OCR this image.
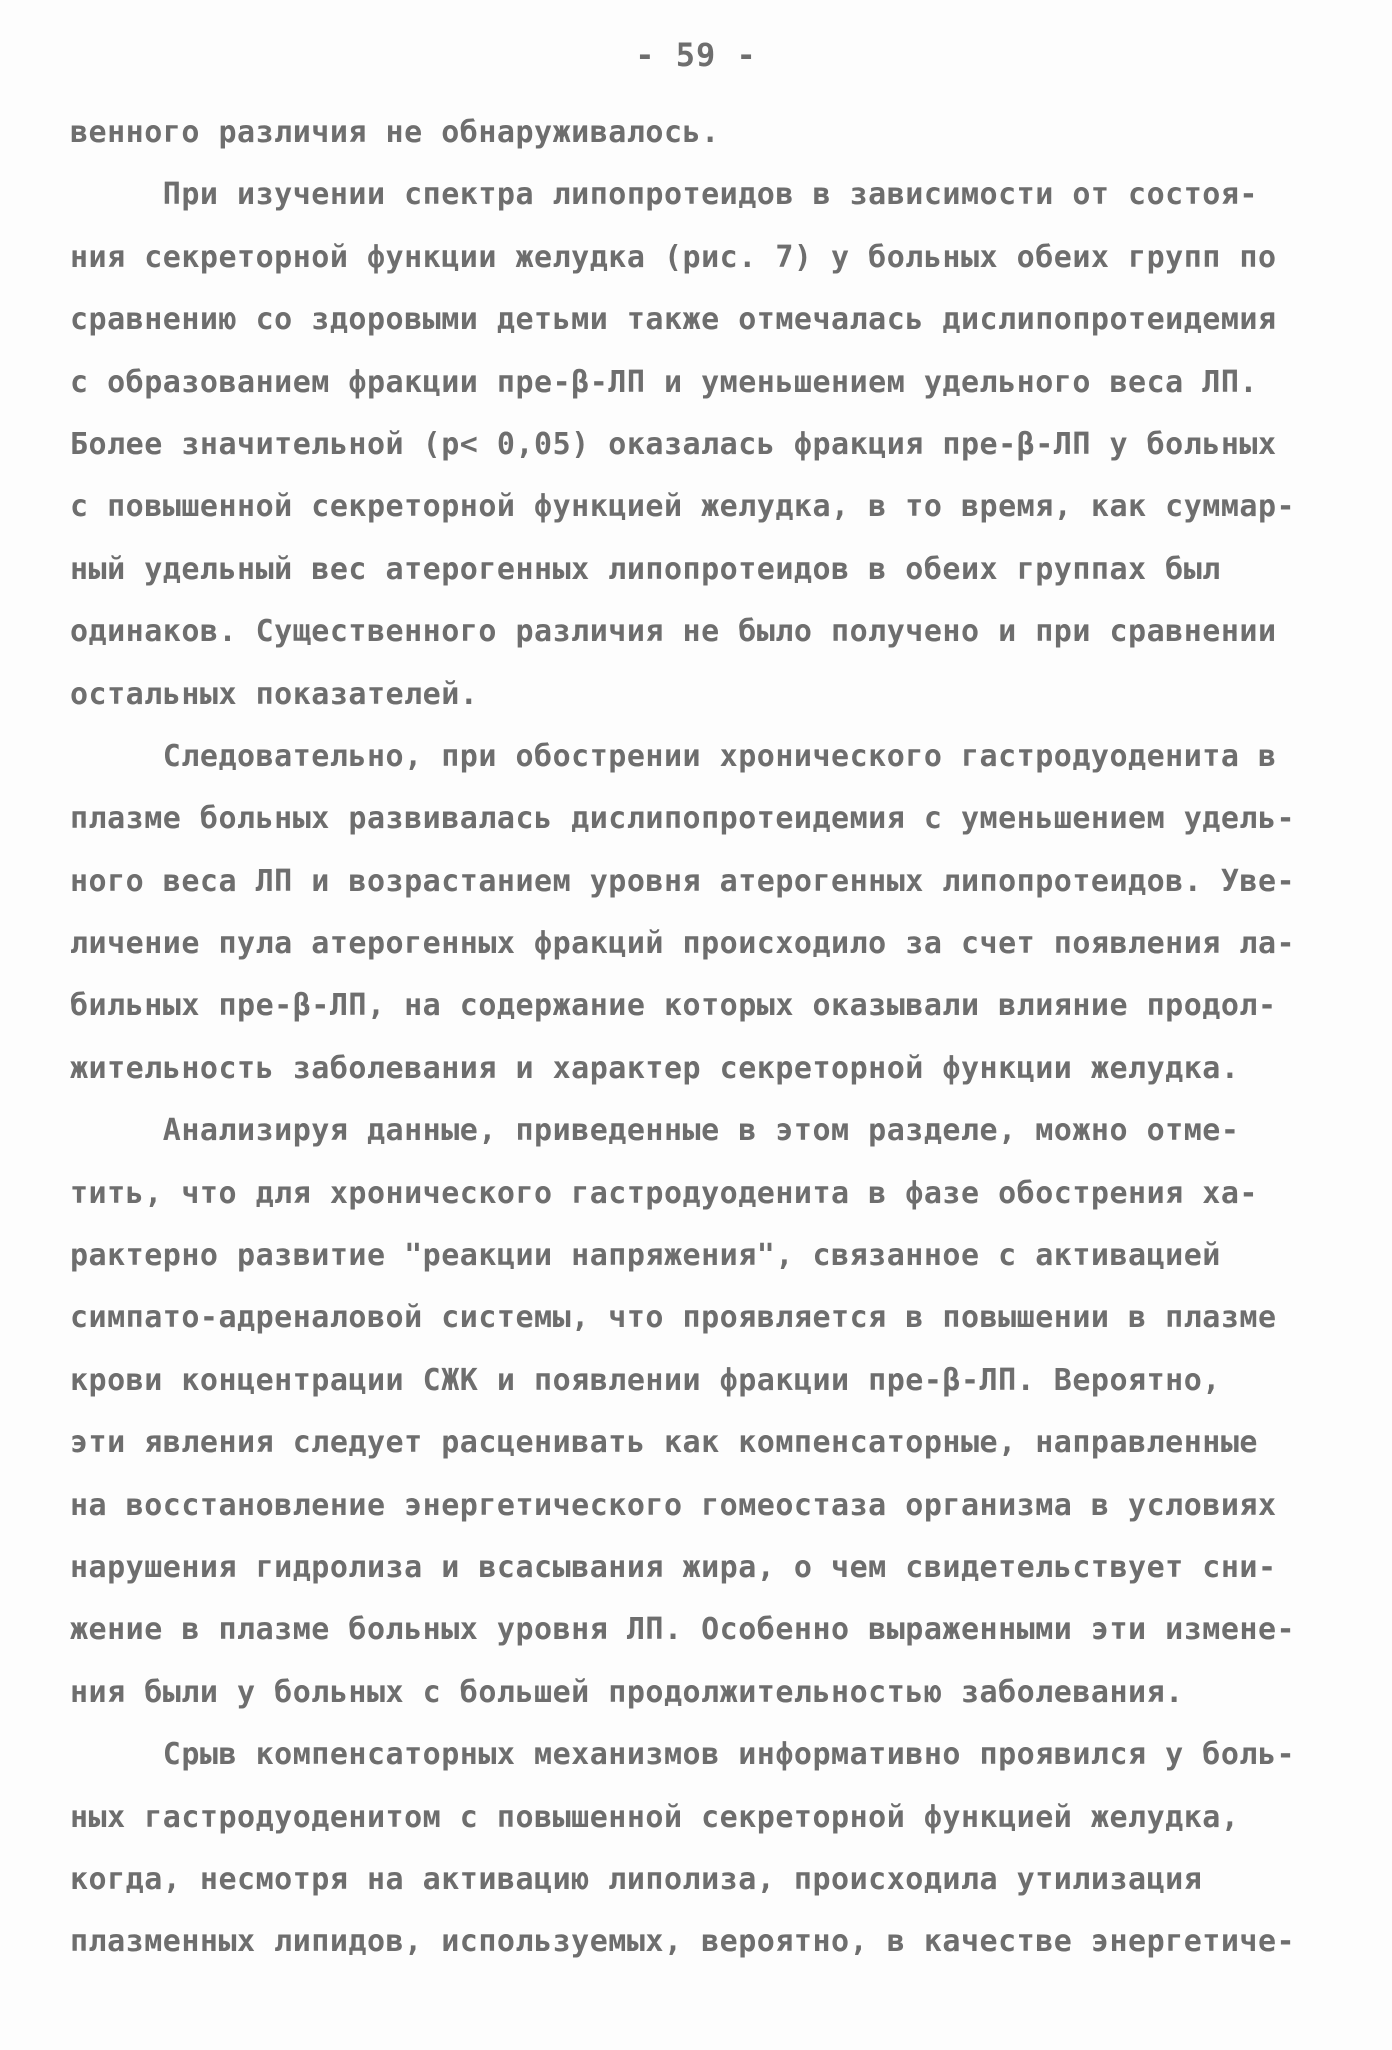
- 59 -
венного различия не обнаруживалось.
При изучении спектра липопротеидов в зависимости от состоя-
ния секреторной функции желудка (рис. 7) у больных обеих групп по
сравнению со здоровыми детьми также отмечалась дислипопротеидемия
с образованием фракции пре-β-ЛП и уменьшением удельного веса ЛП.
Более значительной (р< 0,05) оказалась фракция пре-β-ЛП у больных
с повышенной секреторной функцией желудка, в то время, как суммар-
ный удельный вес атерогенных липопротеидов в обеих группах был
одинаков. Существенного различия не было получено и при сравнении
остальных показателей.
Следовательно, при обострении хронического гастродуоденита в
плазме больных развивалась дислипопротеидемия с уменьшением удель-
ного веса ЛП и возрастанием уровня атерогенных липопротеидов. Уве-
личение пула атерогенных фракций происходило за счет появления ла-
бильных пре-β-ЛП, на содержание которых оказывали влияние продол-
жительность заболевания и характер секреторной функции желудка.
Анализируя данные, приведенные в этом разделе, можно отме-
тить, что для хронического гастродуоденита в фазе обострения ха-
рактерно развитие "реакции напряжения", связанное с активацией
симпато-адреналовой системы, что проявляется в повышении в плазме
крови концентрации СЖК и появлении фракции пре-β-ЛП. Вероятно,
эти явления следует расценивать как компенсаторные, направленные
на восстановление энергетического гомеостаза организма в условиях
нарушения гидролиза и всасывания жира, о чем свидетельствует сни-
жение в плазме больных уровня ЛП. Особенно выраженными эти измене-
ния были у больных с большей продолжительностью заболевания.
Срыв компенсаторных механизмов информативно проявился у боль-
ных гастродуоденитом с повышенной секреторной функцией желудка,
когда, несмотря на активацию липолиза, происходила утилизация
плазменных липидов, используемых, вероятно, в качестве энергетиче-
